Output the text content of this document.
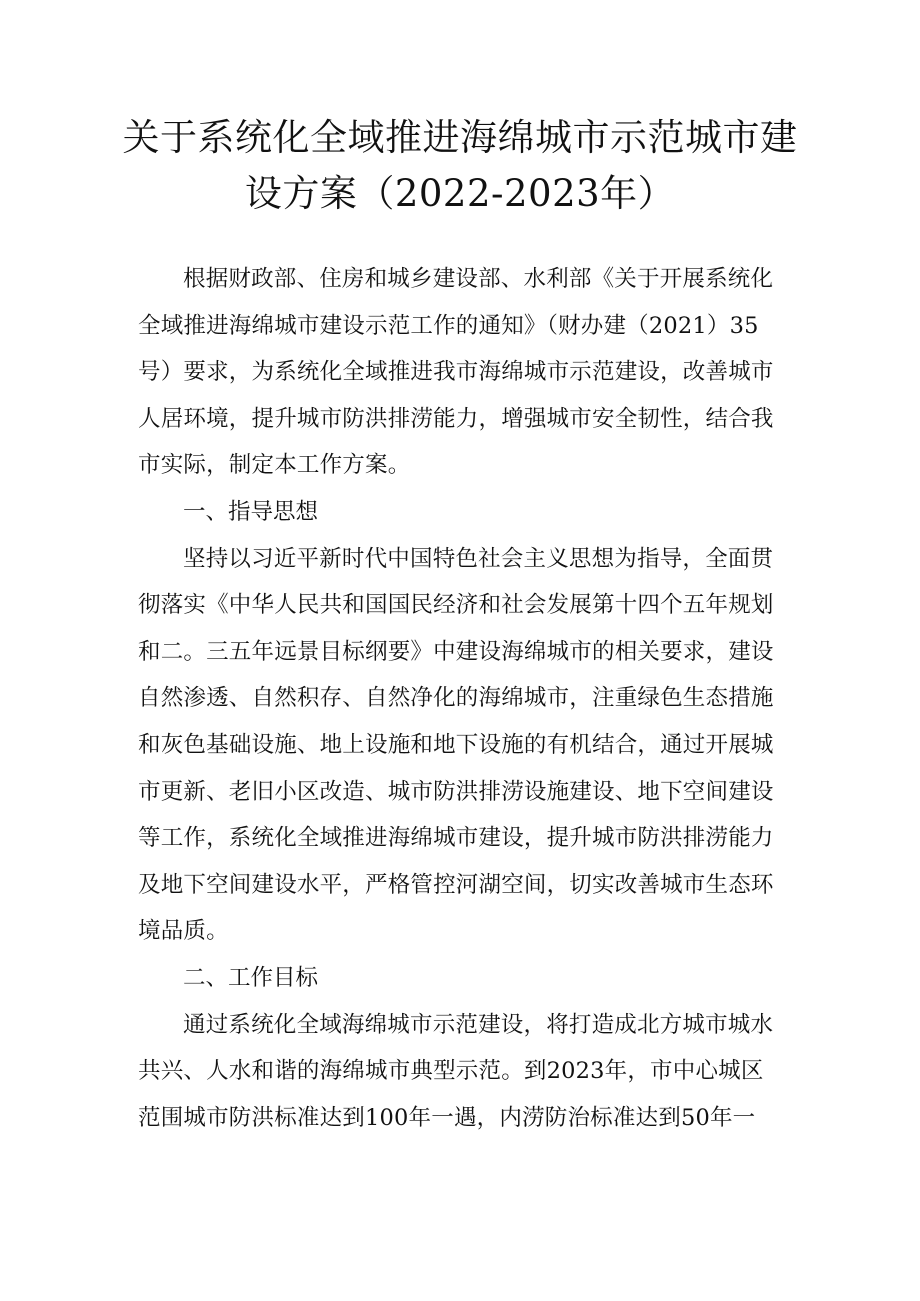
关于系统化全域推进海绵城市示范城市建
设方案（2022-2023年）

根据财政部、住房和城乡建设部、水利部《关于开展系统化
全域推进海绵城市建设示范工作的通知》（财办建（2021）35
号）要求，为系统化全域推进我市海绵城市示范建设，改善城市
人居环境，提升城市防洪排涝能力，增强城市安全韧性，结合我
市实际，制定本工作方案。

一、指导思想

坚持以习近平新时代中国特色社会主义思想为指导，全面贯
彻落实《中华人民共和国国民经济和社会发展第十四个五年规划
和二。三五年远景目标纲要》中建设海绵城市的相关要求，建设
自然渗透、自然积存、自然净化的海绵城市，注重绿色生态措施
和灰色基础设施、地上设施和地下设施的有机结合，通过开展城
市更新、老旧小区改造、城市防洪排涝设施建设、地下空间建设
等工作，系统化全域推进海绵城市建设，提升城市防洪排涝能力
及地下空间建设水平，严格管控河湖空间，切实改善城市生态环
境品质。

二、工作目标

通过系统化全域海绵城市示范建设，将打造成北方城市城水
共兴、人水和谐的海绵城市典型示范。到2023年，市中心城区
范围城市防洪标准达到100年一遇，内涝防治标准达到50年一
